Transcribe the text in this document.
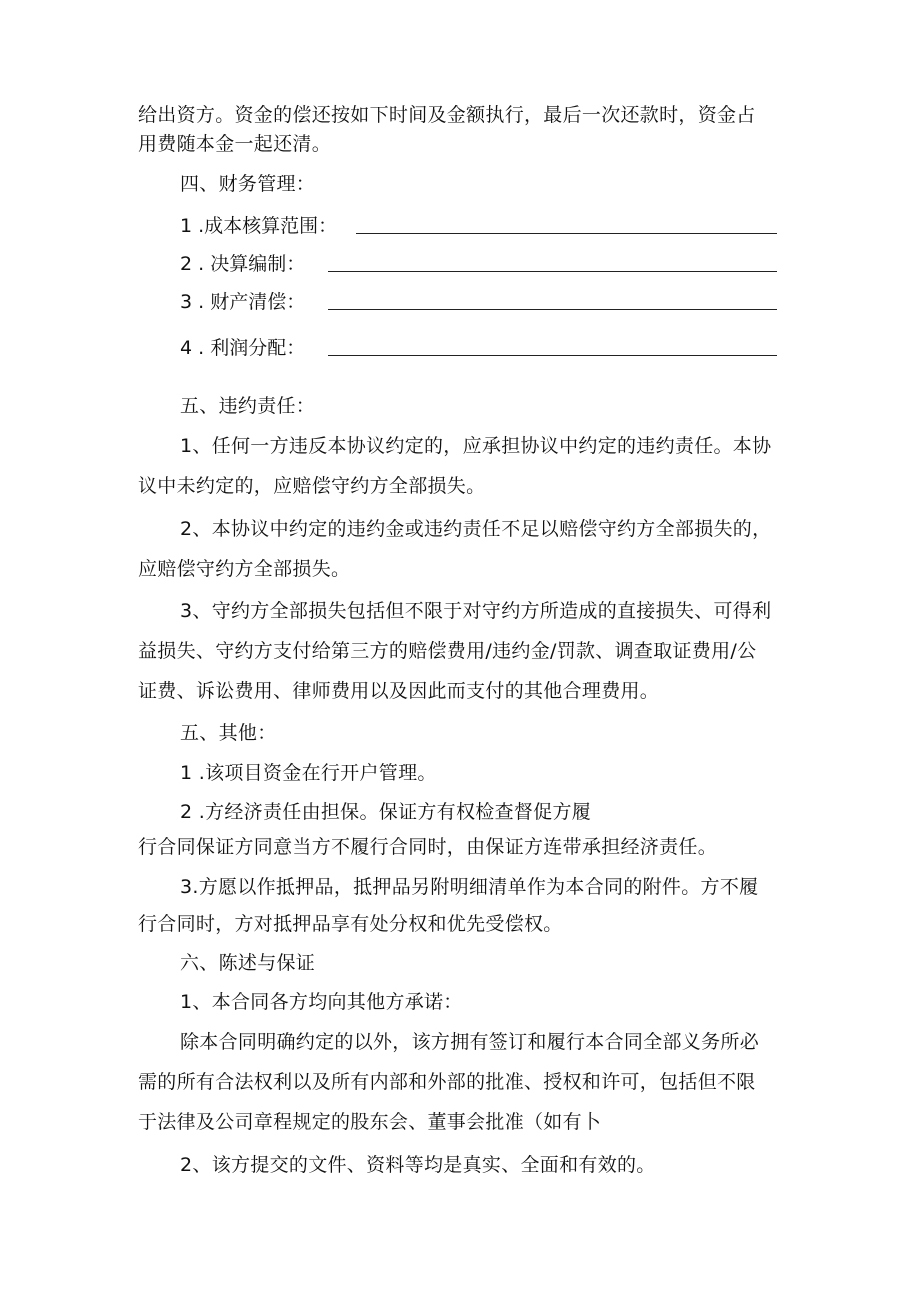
给出资方。资金的偿还按如下时间及金额执行，最后一次还款时，资金占
用费随本金一起还清。
四、财务管理：
1 .成本核算范围：
2 . 决算编制：
3 . 财产清偿：
4 . 利润分配：
五、违约责任：
1、任何一方违反本协议约定的，应承担协议中约定的违约责任。本协
议中未约定的，应赔偿守约方全部损失。
2、本协议中约定的违约金或违约责任不足以赔偿守约方全部损失的，
应赔偿守约方全部损失。
3、守约方全部损失包括但不限于对守约方所造成的直接损失、可得利
益损失、守约方支付给第三方的赔偿费用/违约金/罚款、调查取证费用/公
证费、诉讼费用、律师费用以及因此而支付的其他合理费用。
五、其他：
1 .该项目资金在行开户管理。
2 .方经济责任由担保。保证方有权检查督促方履
行合同保证方同意当方不履行合同时，由保证方连带承担经济责任。
3.方愿以作抵押品，抵押品另附明细清单作为本合同的附件。方不履
行合同时，方对抵押品享有处分权和优先受偿权。
六、陈述与保证
1、本合同各方均向其他方承诺：
除本合同明确约定的以外，该方拥有签订和履行本合同全部义务所必
需的所有合法权利以及所有内部和外部的批准、授权和许可，包括但不限
于法律及公司章程规定的股东会、董事会批准（如有卜
2、该方提交的文件、资料等均是真实、全面和有效的。
